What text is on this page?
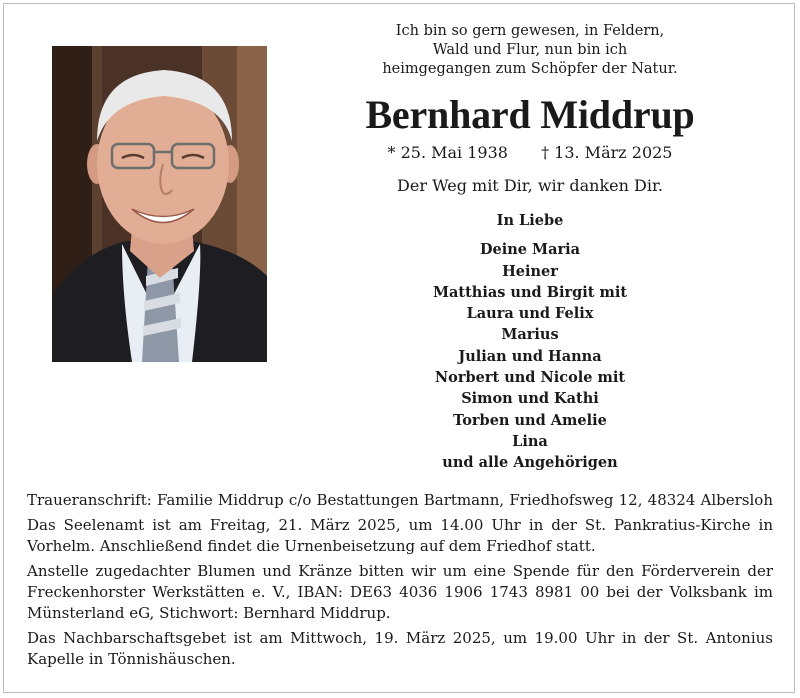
Ich bin so gern gewesen, in Feldern,
Wald und Flur, nun bin ich
heimgegangen zum Schöpfer der Natur.
Bernhard Middrup
* 25. Mai 1938 † 13. März 2025
Der Weg mit Dir, wir danken Dir.
In Liebe
Deine Maria
Heiner
Matthias und Birgit mit
Laura und Felix
Marius
Julian und Hanna
Norbert und Nicole mit
Simon und Kathi
Torben und Amelie
Lina
und alle Angehörigen

Traueranschrift: Familie Middrup c/o Bestattungen Bartmann, Friedhofsweg 12, 48324 Albersloh

Das Seelenamt ist am Freitag, 21. März 2025, um 14.00 Uhr in der St. Pankratius-Kirche in Vorhelm. Anschließend findet die Urnenbeisetzung auf dem Friedhof statt.

Anstelle zugedachter Blumen und Kränze bitten wir um eine Spende für den Förderverein der Freckenhorster Werkstätten e. V., IBAN: DE63 4036 1906 1743 8981 00 bei der Volksbank im Münsterland eG, Stichwort: Bernhard Middrup.

Das Nachbarschaftsgebet ist am Mittwoch, 19. März 2025, um 19.00 Uhr in der St. Antonius Kapelle in Tönnishäuschen.
